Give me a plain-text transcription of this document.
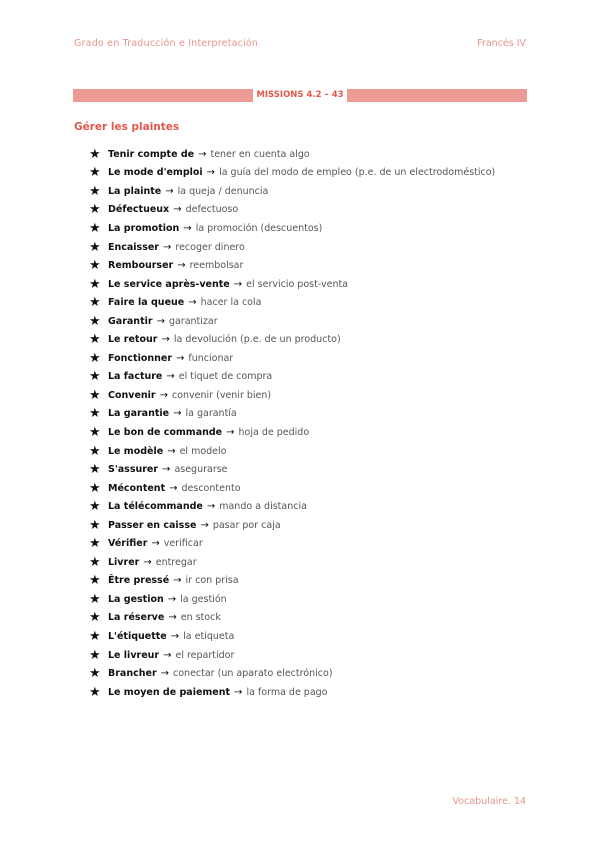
Grado en Traducción e Interpretación	Francés IV
MISSIONS 4.2 – 43
Gérer les plaintes
★ Tenir compte de → tener en cuenta algo
★ Le mode d'emploi → la guía del modo de empleo (p.e. de un electrodoméstico)
★ La plainte → la queja / denuncia
★ Défectueux → defectuoso
★ La promotion → la promoción (descuentos)
★ Encaisser → recoger dinero
★ Rembourser → reembolsar
★ Le service après-vente → el servicio post-venta
★ Faire la queue → hacer la cola
★ Garantir → garantizar
★ Le retour → la devolución (p.e. de un producto)
★ Fonctionner → funcionar
★ La facture → el tiquet de compra
★ Convenir → convenir (venir bien)
★ La garantie → la garantía
★ Le bon de commande → hoja de pedido
★ Le modèle → el modelo
★ S'assurer → asegurarse
★ Mécontent → descontento
★ La télécommande → mando a distancia
★ Passer en caisse → pasar por caja
★ Vérifier → verificar
★ Livrer → entregar
★ Être pressé → ir con prisa
★ La gestion → la gestión
★ La réserve → en stock
★ L'étiquette → la etiqueta
★ Le livreur → el repartidor
★ Brancher → conectar (un aparato electrónico)
★ Le moyen de paiement → la forma de pago
Vocabulaire. 14
